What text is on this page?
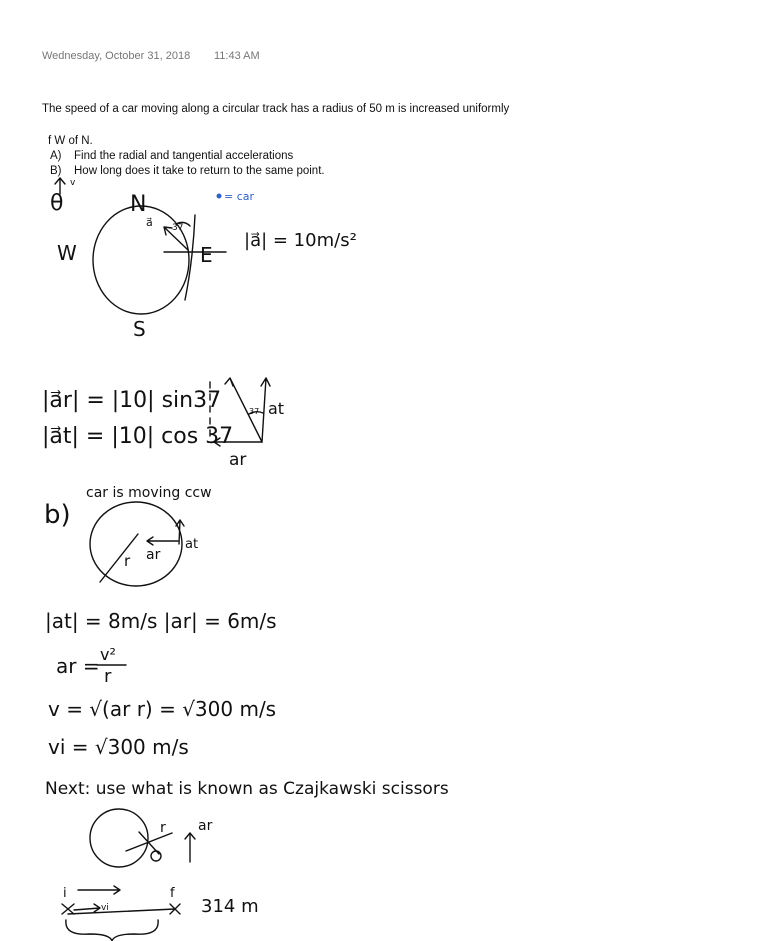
Wednesday, October 31, 2018 11:43 AM
The speed of a car moving along a circular track has a radius of 50 m is increased uniformly
f W of N.
A) Find the radial and tangential accelerations
B) How long does it take to return to the same point.
θ
v
= car
N
W	E
S
a⃗ 37
|a⃗| = 10m/s²
|a⃗r| = |10| sin37
|a⃗t| = |10| cos 37
37 at
ar
b)
car is moving ccw
r ar
at
|at| = 8m/s |ar| = 6m/s
ar = v²
r
v = √(ar r) = √300 m/s
vi = √300 m/s
Next: use what is known as Czajkawski scissors
r ar
i	f
vi	314 m
